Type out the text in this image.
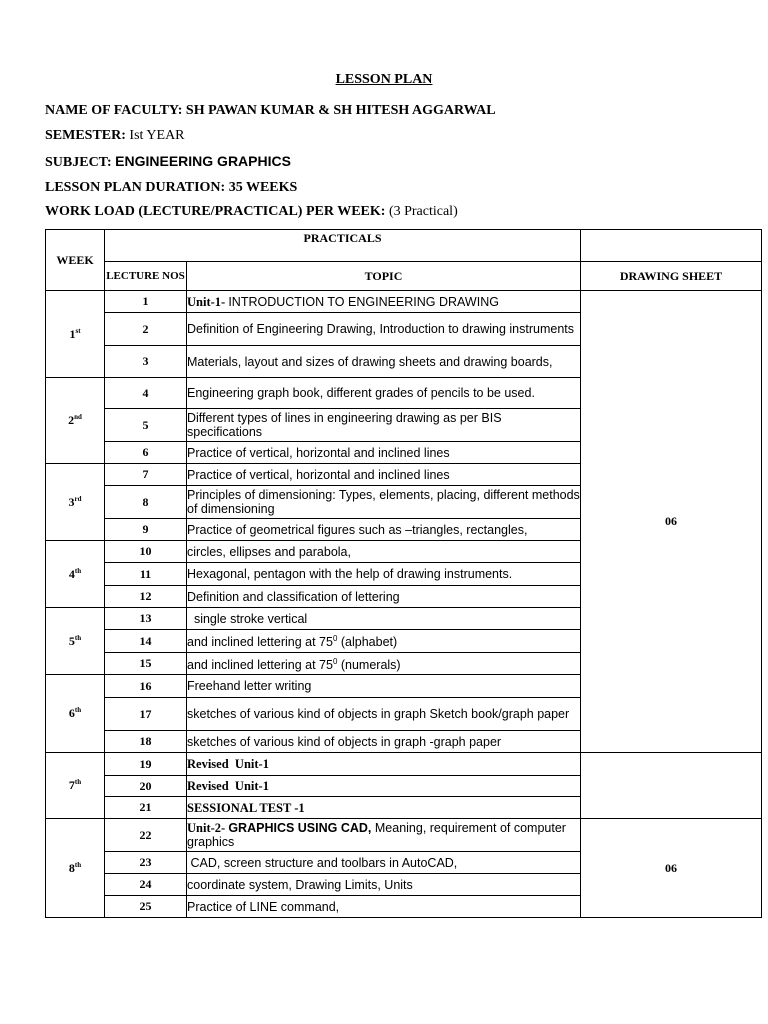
LESSON PLAN
NAME OF FACULTY: SH PAWAN KUMAR & SH HITESH AGGARWAL
SEMESTER: Ist YEAR
SUBJECT: ENGINEERING GRAPHICS
LESSON PLAN DURATION: 35 WEEKS
WORK LOAD (LECTURE/PRACTICAL) PER WEEK: (3 Practical)
WEEK	PRACTICALS		
	LECTURE NOS	TOPIC	DRAWING SHEET
1st	1	Unit-1- INTRODUCTION TO ENGINEERING DRAWING	06
	2	Definition of Engineering Drawing, Introduction to drawing instruments	
	3	Materials, layout and sizes of drawing sheets and drawing boards,	
2nd	4	Engineering graph book, different grades of pencils to be used.	
	5	Different types of lines in engineering drawing as per BIS specifications	
	6	Practice of vertical, horizontal and inclined lines	
3rd	7	Practice of vertical, horizontal and inclined lines	
	8	Principles of dimensioning: Types, elements, placing, different methods of dimensioning	
	9	Practice of geometrical figures such as –triangles, rectangles,	
4th	10	circles, ellipses and parabola,	
	11	Hexagonal, pentagon with the help of drawing instruments.	
	12	Definition and classification of lettering	
5th	13	single stroke vertical	
	14	and inclined lettering at $75^0$ (alphabet)	
	15	and inclined lettering at $75^0$ (numerals)	
6th	16	Freehand letter writing	
	17	sketches of various kind of objects in graph Sketch book/graph paper	
	18	sketches of various kind of objects in graph -graph paper	
7th	19	Revised  Unit-1	
	20	Revised  Unit-1	
	21	SESSIONAL TEST -1	
8th	22	Unit-2- GRAPHICS USING CAD, Meaning, requirement of computer graphics	06
	23	CAD, screen structure and toolbars in AutoCAD,	
	24	coordinate system, Drawing Limits, Units	
	25	Practice of LINE command,	
